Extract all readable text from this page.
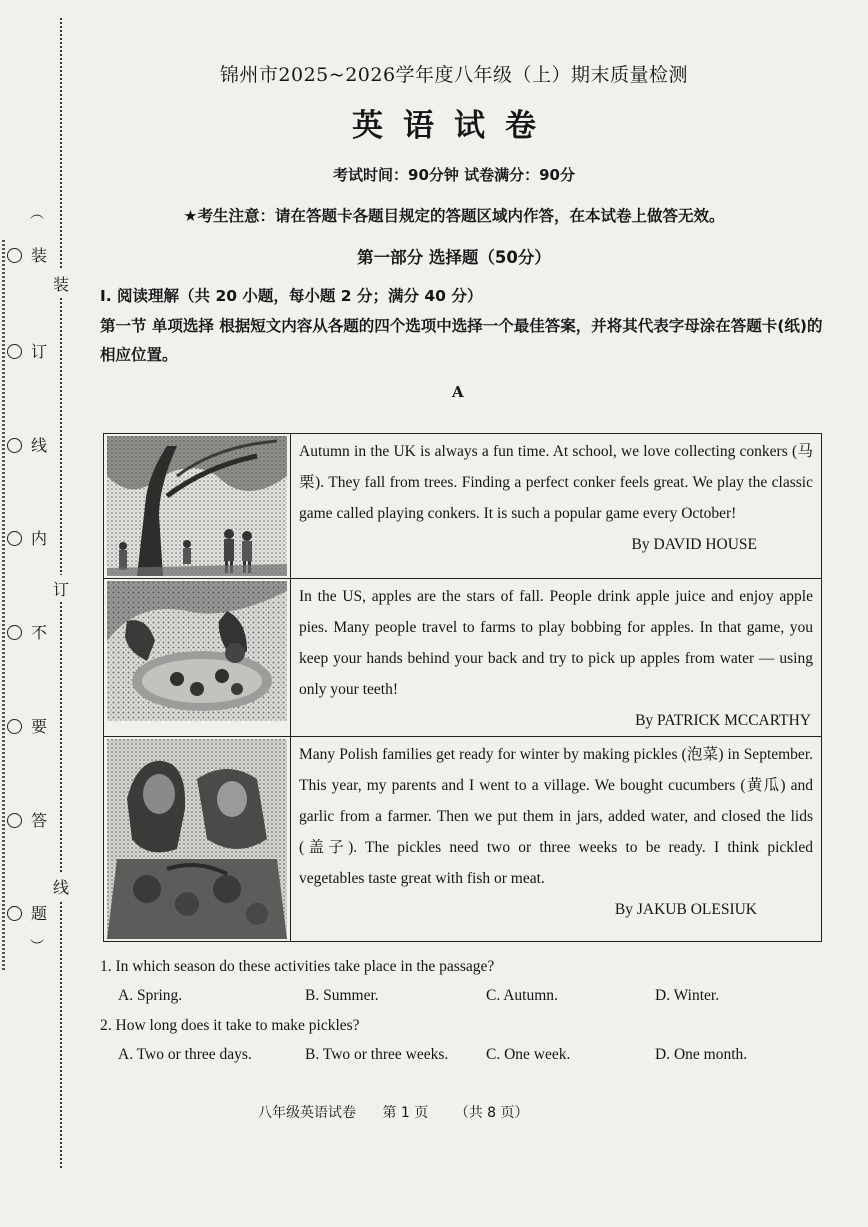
︵
装
订
线
内
不
要
答
题
︶
装
订
线
锦州市2025~2026学年度八年级（上）期末质量检测
英语试卷
考试时间：90分钟 试卷满分：90分
★考生注意：请在答题卡各题目规定的答题区域内作答，在本试卷上做答无效。
第一部分 选择题（50分）
I. 阅读理解（共 20 小题，每小题 2 分；满分 40 分）
第一节 单项选择 根据短文内容从各题的四个选项中选择一个最佳答案，并将其代表字母涂在答题卡(纸)的相应位置。
A

Autumn in the UK is always a fun time. At school, we love collecting conkers (马栗). They fall from trees. Finding a perfect conker feels great. We play the classic game called playing conkers. It is such a popular game every October!
By DAVID HOUSE

In the US, apples are the stars of fall. People drink apple juice and enjoy apple pies. Many people travel to farms to play bobbing for apples. In that game, you keep your hands behind your back and try to pick up apples from water — using only your teeth!
By PATRICK MCCARTHY

Many Polish families get ready for winter by making pickles (泡菜) in September. This year, my parents and I went to a village. We bought cucumbers (黄瓜) and garlic from a farmer. Then we put them in jars, added water, and closed the lids (盖子). The pickles need two or three weeks to be ready. I think pickled vegetables taste great with fish or meat.
By JAKUB OLESIUK
1. In which season do these activities take place in the passage?
A. Spring.	B. Summer.	C. Autumn.	D. Winter.
2. How long does it take to make pickles?
A. Two or three days.	B. Two or three weeks. C. One week.	D. One month.
八年级英语试卷 第 1 页 （共 8 页）
